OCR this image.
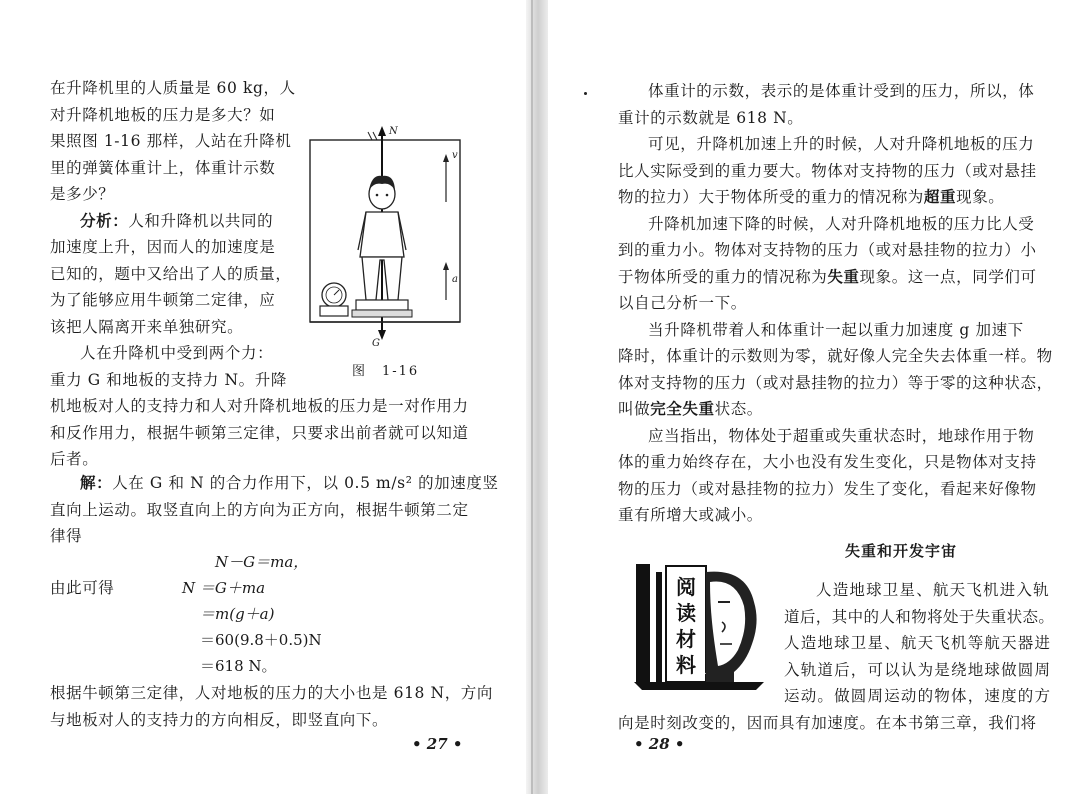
在升降机里的人质量是 60 kg，人
对升降机地板的压力是多大？如
果照图 1-16 那样，人站在升降机
里的弹簧体重计上，体重计示数
是多少？
分析：人和升降机以共同的
加速度上升，因而人的加速度是
已知的，题中又给出了人的质量，
为了能够应用牛顿第二定律，应
该把人隔离开来单独研究。
人在升降机中受到两个力：
重力 G 和地板的支持力 N。升降
机地板对人的支持力和人对升降机地板的压力是一对作用力
和反作用力，根据牛顿第三定律，只要求出前者就可以知道
后者。
解：人在 G 和 N 的合力作用下，以 0.5 m/s² 的加速度竖
直向上运动。取竖直向上的方向为正方向，根据牛顿第二定
律得
N－G＝ma，
由此可得	N ＝G＋ma
＝m(g＋a)
＝60(9.8＋0.5)N
＝618 N。
根据牛顿第三定律，人对地板的压力的大小也是 618 N，方向
与地板对人的支持力的方向相反，即竖直向下。
N
v
a
G
图　1-16
• 27 •
体重计的示数，表示的是体重计受到的压力，所以，体
重计的示数就是 618 N。
可见，升降机加速上升的时候，人对升降机地板的压力
比人实际受到的重力要大。物体对支持物的压力（或对悬挂
物的拉力）大于物体所受的重力的情况称为超重现象。
升降机加速下降的时候，人对升降机地板的压力比人受
到的重力小。物体对支持物的压力（或对悬挂物的拉力）小
于物体所受的重力的情况称为失重现象。这一点，同学们可
以自己分析一下。
当升降机带着人和体重计一起以重力加速度 g 加速下
降时，体重计的示数则为零，就好像人完全失去体重一样。物
体对支持物的压力（或对悬挂物的拉力）等于零的这种状态，
叫做完全失重状态。
应当指出，物体处于超重或失重状态时，地球作用于物
体的重力始终存在，大小也没有发生变化，只是物体对支持
物的压力（或对悬挂物的拉力）发生了变化，看起来好像物
重有所增大或减小。
失重和开发宇宙
阅
读
材
料
人造地球卫星、航天飞机进入轨
道后，其中的人和物将处于失重状态。
人造地球卫星、航天飞机等航天器进
入轨道后，可以认为是绕地球做圆周
运动。做圆周运动的物体，速度的方
向是时刻改变的，因而具有加速度。在本书第三章，我们将
• 28 •
